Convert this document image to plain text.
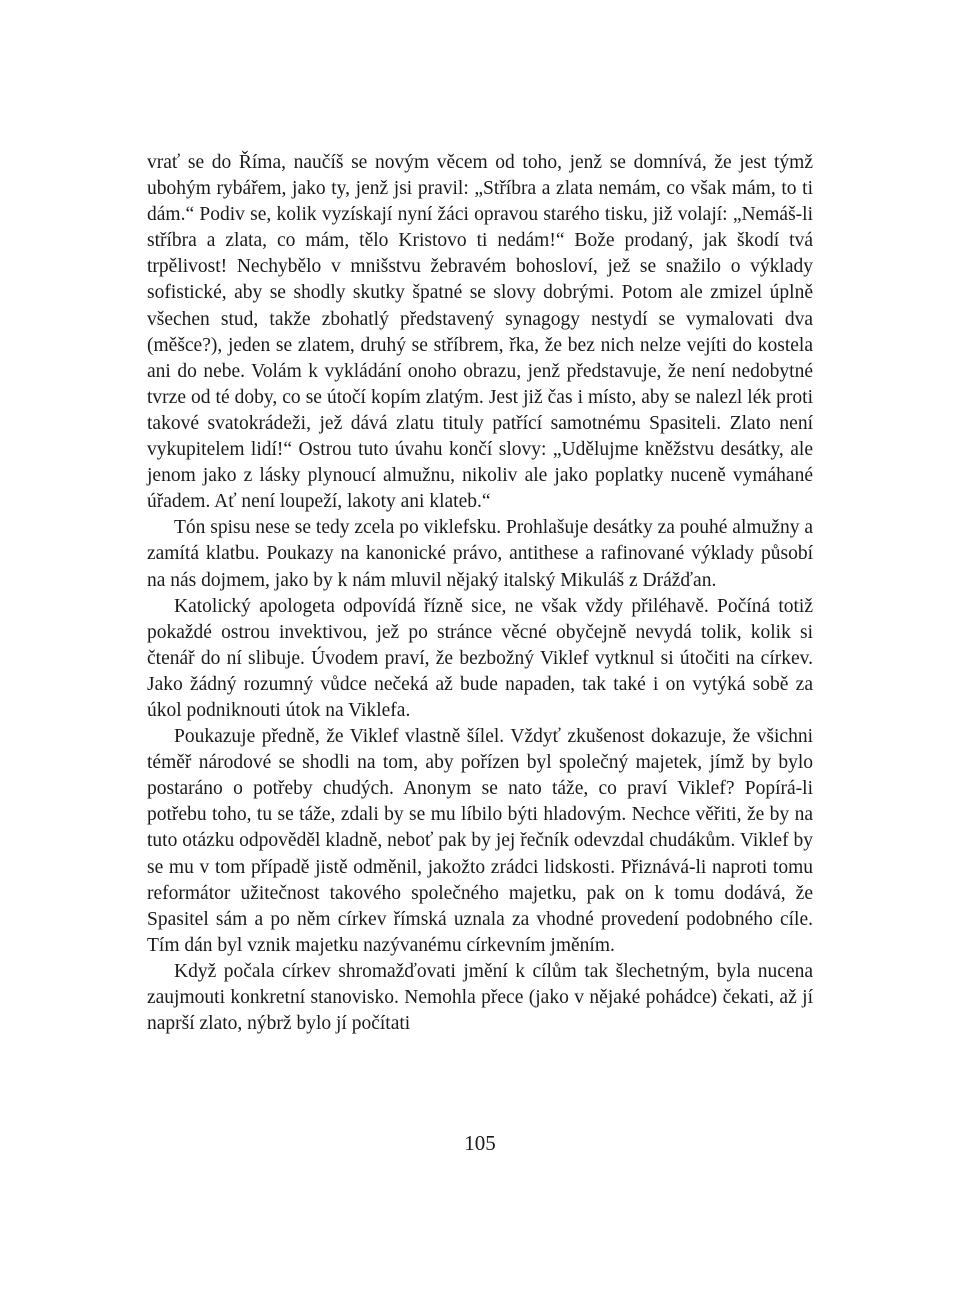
vrať se do Říma, naučíš se novým věcem od toho, jenž se domnívá, že jest týmž ubohým rybářem, jako ty, jenž jsi pravil: „Stříbra a zlata nemám, co však mám, to ti dám.“ Podiv se, kolik vyzískají nyní žáci opravou starého tisku, již volají: „Nemáš-li stříbra a zlata, co mám, tělo Kristovo ti nedám!“ Bože prodaný, jak škodí tvá trpělivost! Nechybělo v mnišstvu žebravém bohosloví, jež se snažilo o výklady sofistické, aby se shodly skutky špatné se slovy dobrými. Potom ale zmizel úplně všechen stud, takže zbohatlý představený synagogy nestydí se vymalovati dva (měšce?), jeden se zlatem, druhý se stříbrem, řka, že bez nich nelze vejíti do kostela ani do nebe. Volám k vykládání onoho obrazu, jenž představuje, že není nedobytné tvrze od té doby, co se útočí kopím zlatým. Jest již čas i místo, aby se nalezl lék proti takové svatokrádeži, jež dává zlatu tituly patřící samotnému Spasiteli. Zlato není vykupitelem lidí!“ Ostrou tuto úvahu končí slovy: „Udělujme kněžstvu desátky, ale jenom jako z lásky plynoucí almužnu, nikoliv ale jako poplatky nuceně vymáhané úřadem. Ať není loupeží, lakoty ani klateb.“

Tón spisu nese se tedy zcela po viklefsku. Prohlašuje desátky za pouhé almužny a zamítá klatbu. Poukazy na kanonické právo, antithese a rafinované výklady působí na nás dojmem, jako by k nám mluvil nějaký italský Mikuláš z Drážďan.

Katolický apologeta odpovídá řízně sice, ne však vždy přiléhavě. Počíná totiž pokaždé ostrou invektivou, jež po stránce věcné obyčejně nevydá tolik, kolik si čtenář do ní slibuje. Úvodem praví, že bezbožný Viklef vytknul si útočiti na církev. Jako žádný rozumný vůdce nečeká až bude napaden, tak také i on vytýká sobě za úkol podniknouti útok na Viklefa.

Poukazuje předně, že Viklef vlastně šílel. Vždyť zkušenost dokazuje, že všichni téměř národové se shodli na tom, aby pořízen byl společný majetek, jímž by bylo postaráno o potřeby chudých. Anonym se nato táže, co praví Viklef? Popírá-li potřebu toho, tu se táže, zdali by se mu líbilo býti hladovým. Nechce věřiti, že by na tuto otázku odpověděl kladně, neboť pak by jej řečník odevzdal chudákům. Viklef by se mu v tom případě jistě odměnil, jakožto zrádci lidskosti. Přiznává-li naproti tomu reformátor užitečnost takového společného majetku, pak on k tomu dodává, že Spasitel sám a po něm církev římská uznala za vhodné provedení podobného cíle. Tím dán byl vznik majetku nazývanému církevním jměním.

Když počala církev shromažďovati jmění k cílům tak šlechetným, byla nucena zaujmouti konkretní stanovisko. Nemohla přece (jako v nějaké pohádce) čekati, až jí naprší zlato, nýbrž bylo jí počítati

105
